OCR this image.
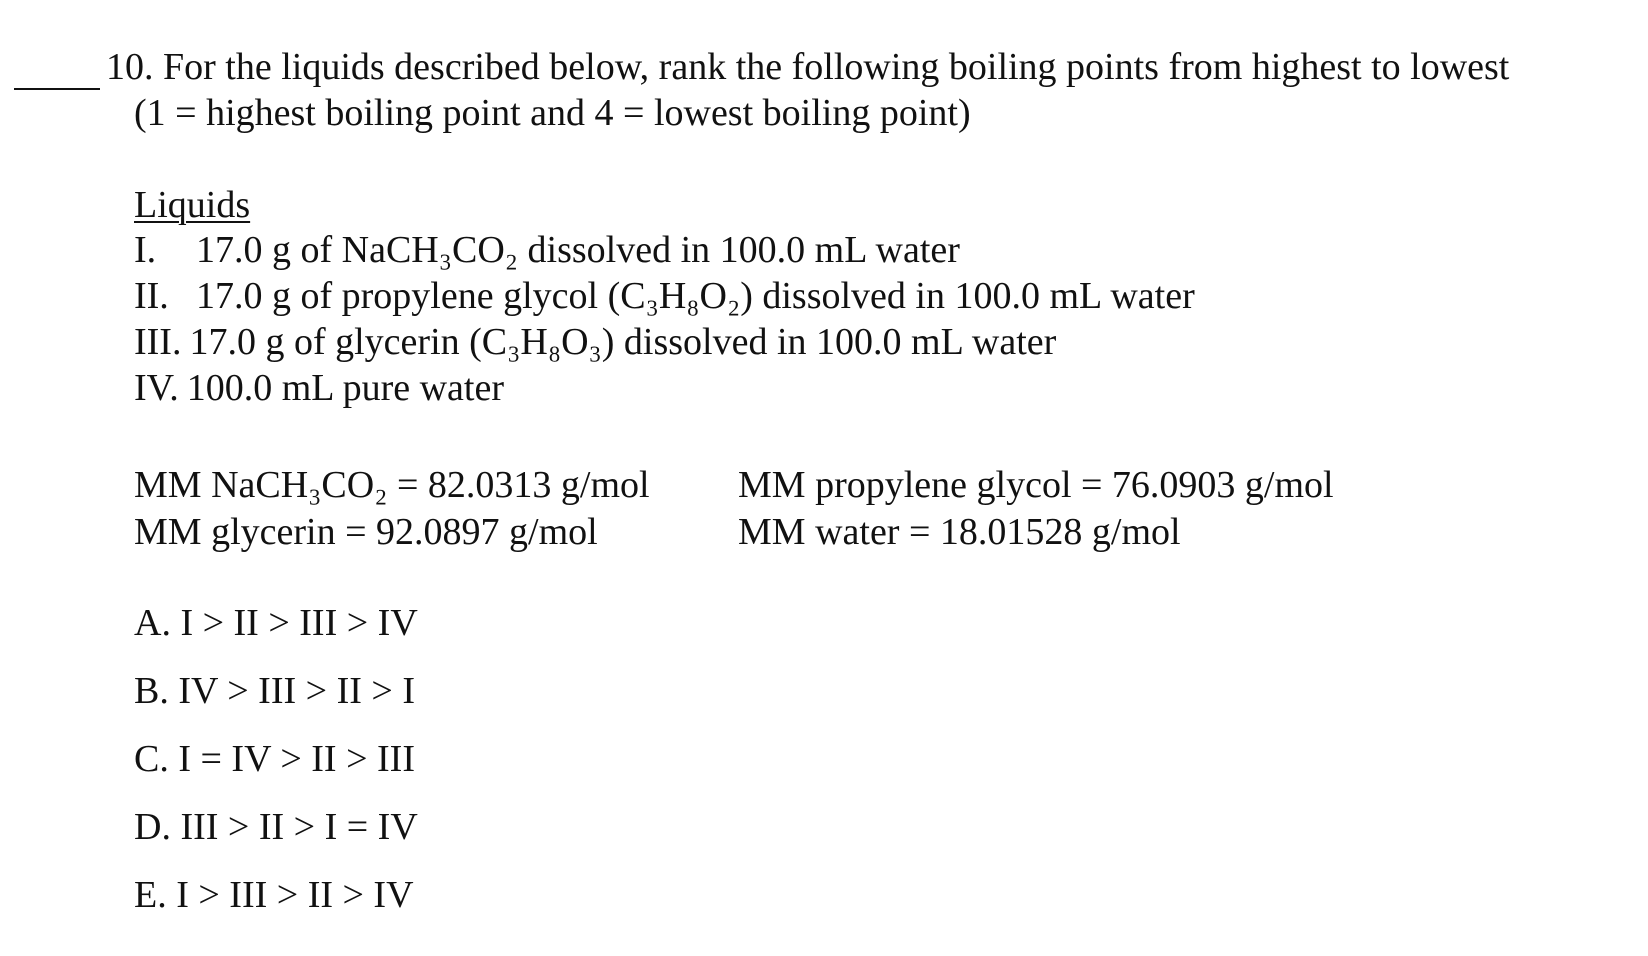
10. For the liquids described below, rank the following boiling points from highest to lowest
(1 = highest boiling point and 4 = lowest boiling point)
Liquids
I.	17.0 g of NaCH₃CO₂ dissolved in 100.0 mL water
II. 17.0 g of propylene glycol (C₃H₈O₂) dissolved in 100.0 mL water
III. 17.0 g of glycerin (C₃H₈O₃) dissolved in 100.0 mL water
IV. 100.0 mL pure water
MM NaCH₃CO₂ = 82.0313 g/mol
MM glycerin = 92.0897 g/mol
MM propylene glycol = 76.0903 g/mol
MM water = 18.01528 g/mol
A. I > II > III > IV
B. IV > III > II > I
C. I = IV > II > III
D. III > II > I = IV
E. I > III > II > IV
